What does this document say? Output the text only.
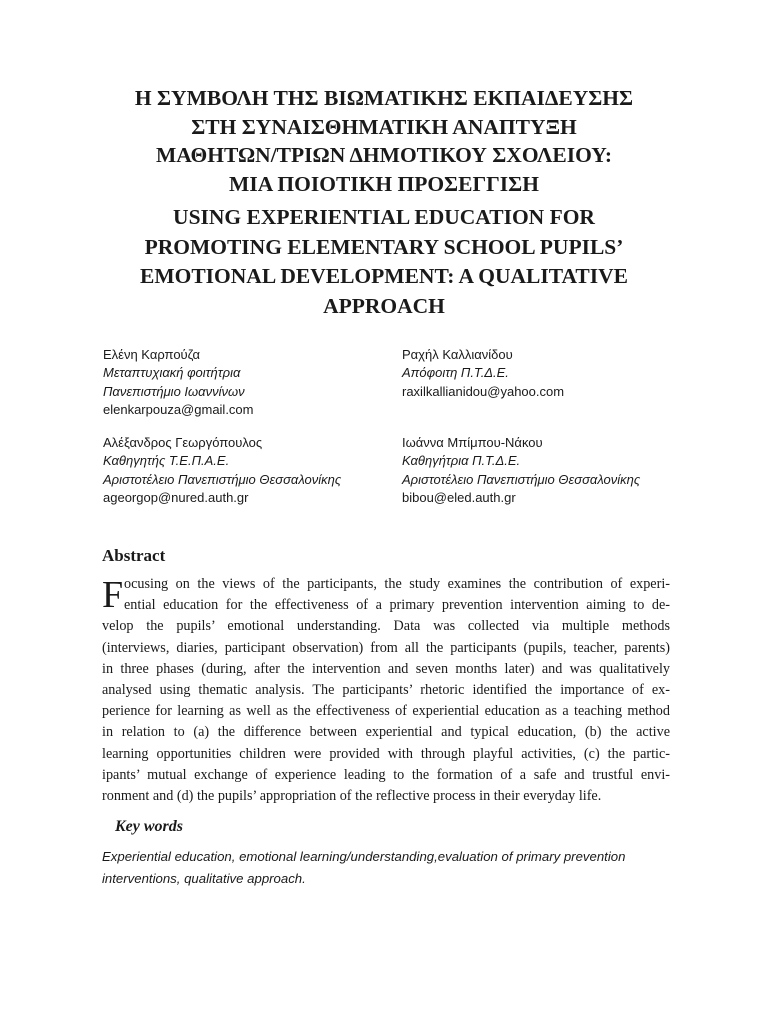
Η ΣΥΜΒΟΛΗ ΤΗΣ ΒΙΩΜΑΤΙΚΗΣ ΕΚΠΑΙΔΕΥΣΗΣ
ΣΤΗ ΣΥΝΑΙΣΘΗΜΑΤΙΚΗ ΑΝΑΠΤΥΞΗ
ΜΑΘΗΤΩΝ/ΤΡΙΩΝ ΔΗΜΟΤΙΚΟΥ ΣΧΟΛΕΙΟΥ:
ΜΙΑ ΠΟΙΟΤΙΚΗ ΠΡΟΣΕΓΓΙΣΗ
USING EXPERIENTIAL EDUCATION FOR
PROMOTING ELEMENTARY SCHOOL PUPILS’
EMOTIONAL DEVELOPMENT: A QUALITATIVE
APPROACH
Ελένη Καρπούζα
Μεταπτυχιακή φοιτήτρια
Πανεπιστήμιο Ιωαννίνων
elenkarpouza@gmail.com
Ραχήλ Καλλιανίδου
Απόφοιτη Π.Τ.Δ.Ε.
raxilkallianidou@yahoo.com
Αλέξανδρος Γεωργόπουλος
Καθηγητής Τ.Ε.Π.Α.Ε.
Αριστοτέλειο Πανεπιστήμιο Θεσσαλονίκης
ageorgop@nured.auth.gr
Ιωάννα Μπίμπου-Νάκου
Καθηγήτρια Π.Τ.Δ.Ε.
Αριστοτέλειο Πανεπιστήμιο Θεσσαλονίκης
bibou@eled.auth.gr
Abstract
F ocusing on the views of the participants, the study examines the contribution of experi-
ential education for the effectiveness of a primary prevention intervention aiming to de-
velop the pupils’ emotional understanding. Data was collected via multiple methods
(interviews, diaries, participant observation) from all the participants (pupils, teacher, parents)
in three phases (during, after the intervention and seven months later) and was qualitatively
analysed using thematic analysis. The participants’ rhetoric identified the importance of ex-
perience for learning as well as the effectiveness of experiential education as a teaching method
in relation to (a) the difference between experiential and typical education, (b) the active
learning opportunities children were provided with through playful activities, (c) the partic-
ipants’ mutual exchange of experience leading to the formation of a safe and trustful envi-
ronment and (d) the pupils’ appropriation of the reflective process in their everyday life.
Key words
Experiential education, emotional learning/understanding,evaluation of primary prevention
interventions, qualitative approach.
